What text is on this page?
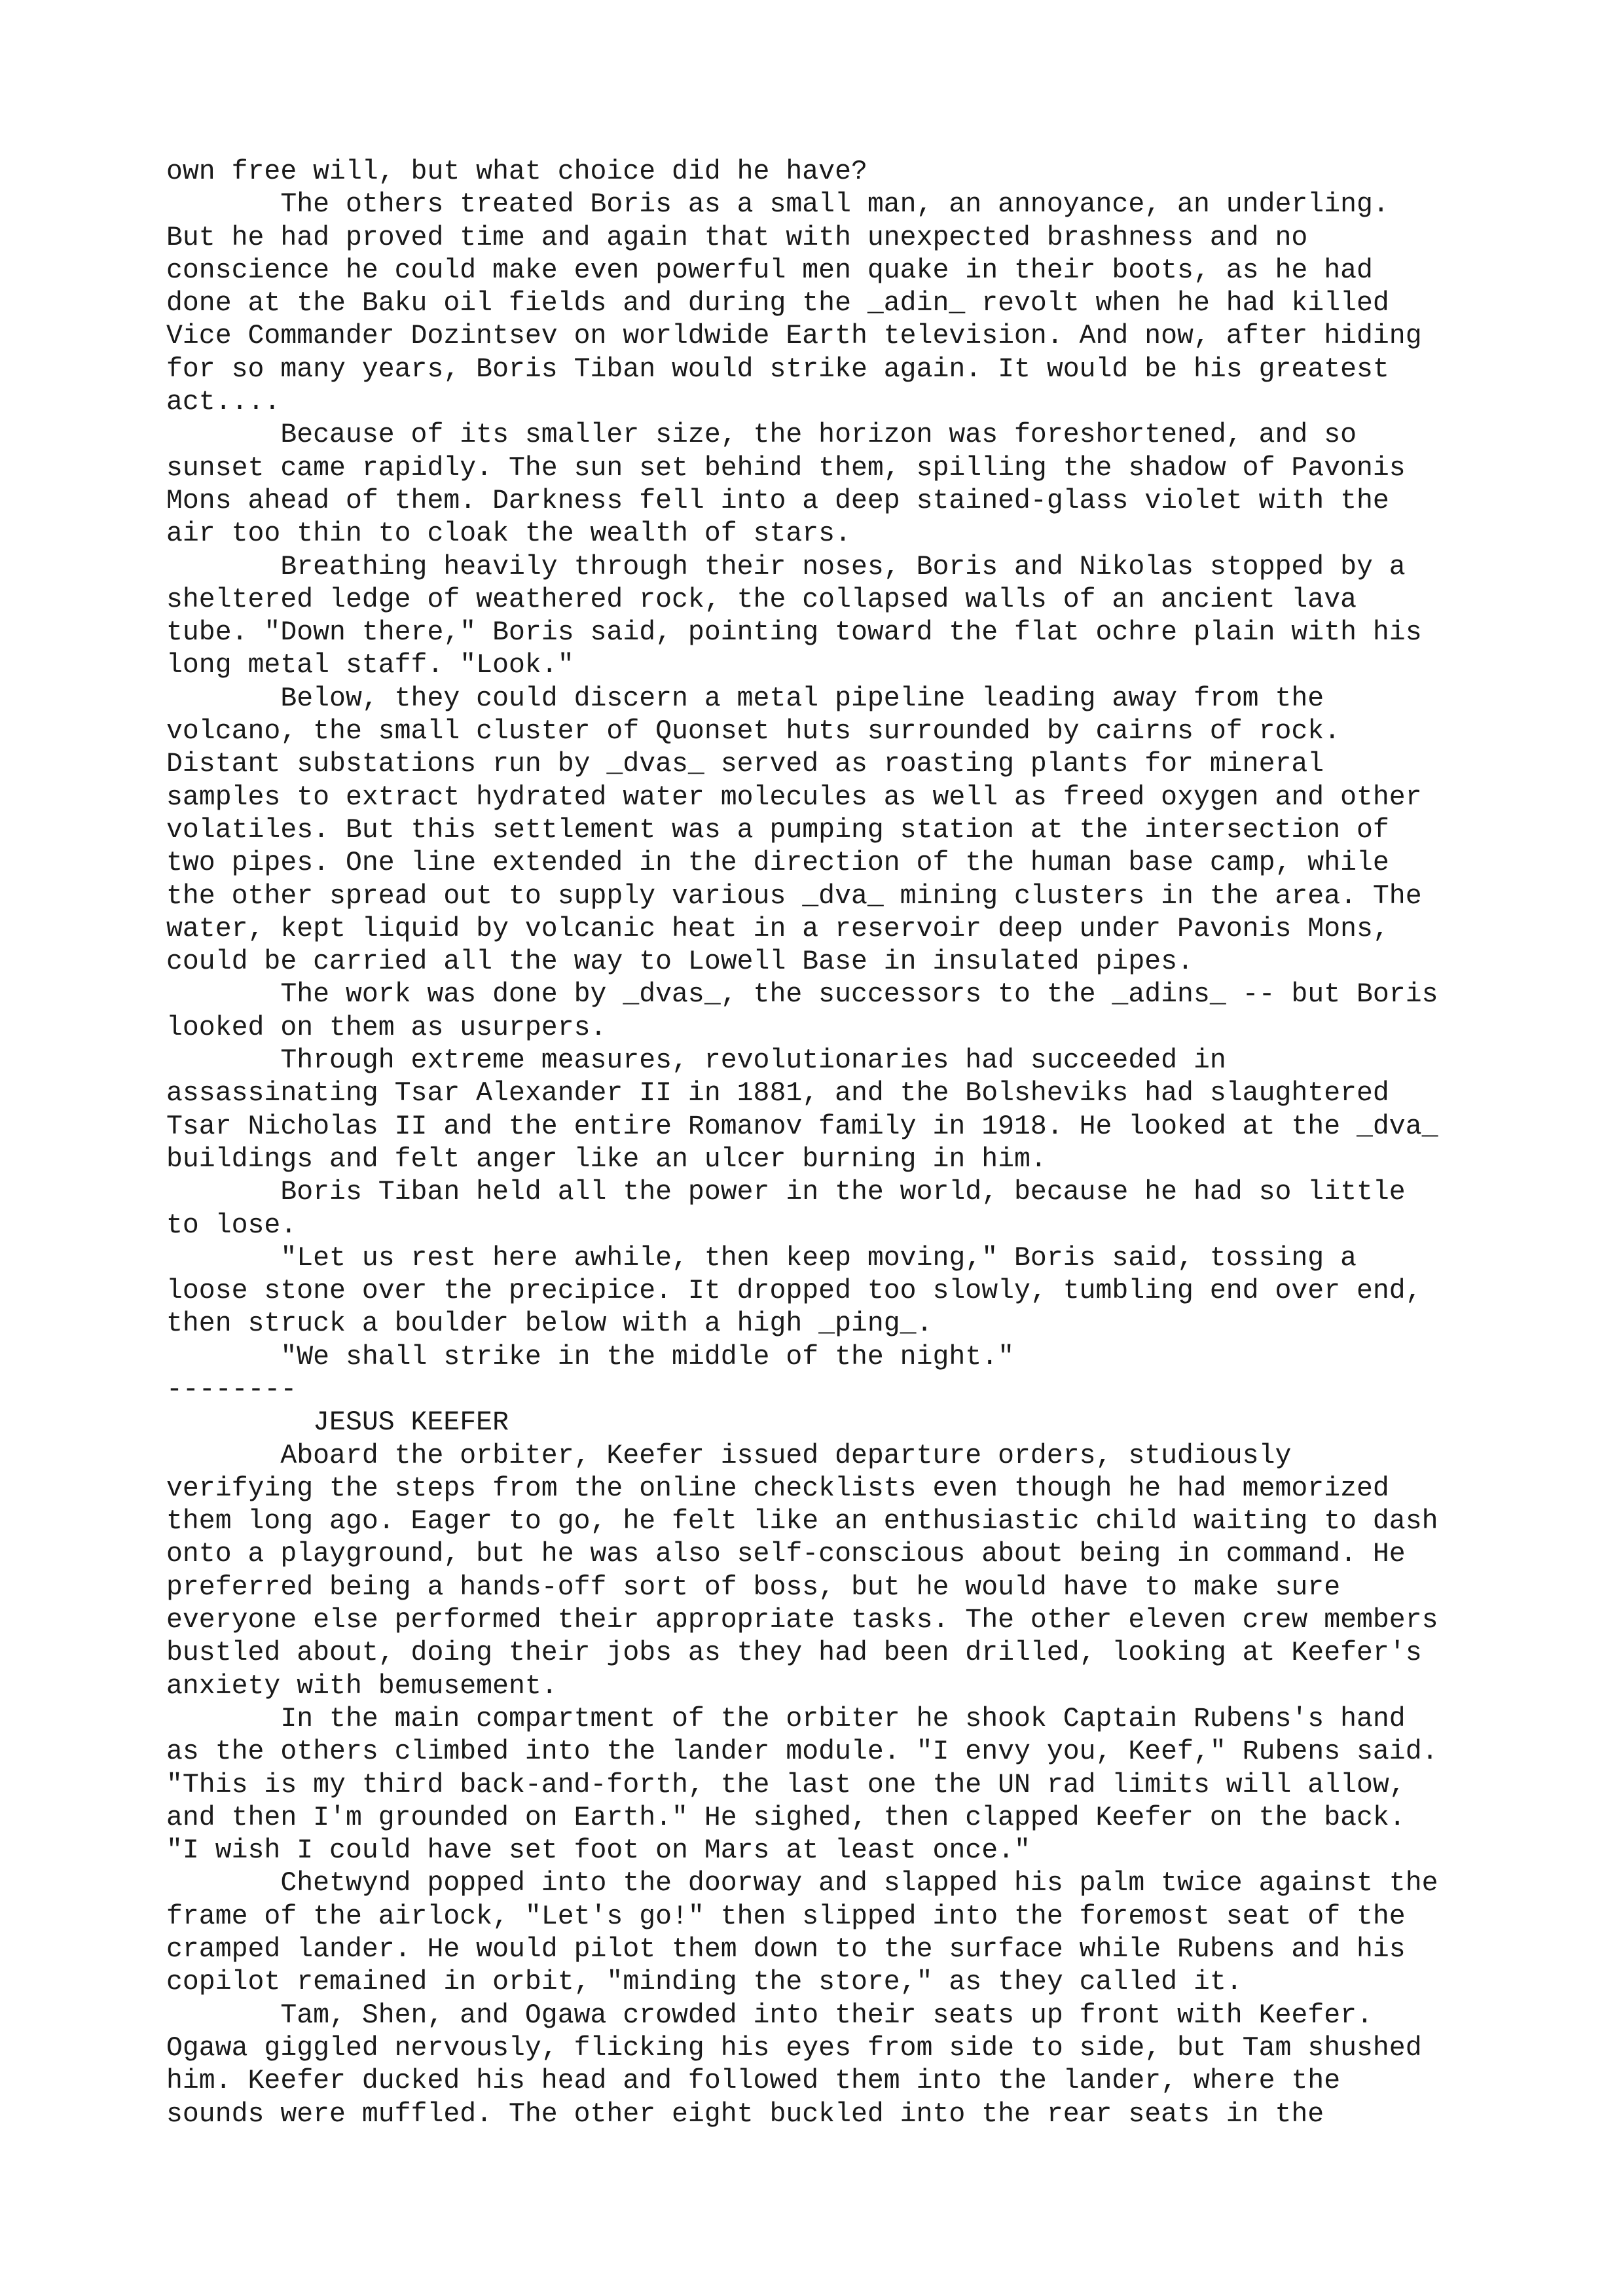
own free will, but what choice did he have?
The others treated Boris as a small man, an annoyance, an underling.
But he had proved time and again that with unexpected brashness and no
conscience he could make even powerful men quake in their boots, as he had
done at the Baku oil fields and during the _adin_ revolt when he had killed
Vice Commander Dozintsev on worldwide Earth television. And now, after hiding
for so many years, Boris Tiban would strike again. It would be his greatest
act....
Because of its smaller size, the horizon was foreshortened, and so
sunset came rapidly. The sun set behind them, spilling the shadow of Pavonis
Mons ahead of them. Darkness fell into a deep stained-glass violet with the
air too thin to cloak the wealth of stars.
Breathing heavily through their noses, Boris and Nikolas stopped by a
sheltered ledge of weathered rock, the collapsed walls of an ancient lava
tube. "Down there," Boris said, pointing toward the flat ochre plain with his
long metal staff. "Look."
Below, they could discern a metal pipeline leading away from the
volcano, the small cluster of Quonset huts surrounded by cairns of rock.
Distant substations run by _dvas_ served as roasting plants for mineral
samples to extract hydrated water molecules as well as freed oxygen and other
volatiles. But this settlement was a pumping station at the intersection of
two pipes. One line extended in the direction of the human base camp, while
the other spread out to supply various _dva_ mining clusters in the area. The
water, kept liquid by volcanic heat in a reservoir deep under Pavonis Mons,
could be carried all the way to Lowell Base in insulated pipes.
The work was done by _dvas_, the successors to the _adins_ -- but Boris
looked on them as usurpers.
Through extreme measures, revolutionaries had succeeded in
assassinating Tsar Alexander II in 1881, and the Bolsheviks had slaughtered
Tsar Nicholas II and the entire Romanov family in 1918. He looked at the _dva_
buildings and felt anger like an ulcer burning in him.
Boris Tiban held all the power in the world, because he had so little
to lose.
"Let us rest here awhile, then keep moving," Boris said, tossing a
loose stone over the precipice. It dropped too slowly, tumbling end over end,
then struck a boulder below with a high _ping_.
"We shall strike in the middle of the night."
--------
JESUS KEEFER
Aboard the orbiter, Keefer issued departure orders, studiously
verifying the steps from the online checklists even though he had memorized
them long ago. Eager to go, he felt like an enthusiastic child waiting to dash
onto a playground, but he was also self-conscious about being in command. He
preferred being a hands-off sort of boss, but he would have to make sure
everyone else performed their appropriate tasks. The other eleven crew members
bustled about, doing their jobs as they had been drilled, looking at Keefer's
anxiety with bemusement.
In the main compartment of the orbiter he shook Captain Rubens's hand
as the others climbed into the lander module. "I envy you, Keef," Rubens said.
"This is my third back-and-forth, the last one the UN rad limits will allow,
and then I'm grounded on Earth." He sighed, then clapped Keefer on the back.
"I wish I could have set foot on Mars at least once."
Chetwynd popped into the doorway and slapped his palm twice against the
frame of the airlock, "Let's go!" then slipped into the foremost seat of the
cramped lander. He would pilot them down to the surface while Rubens and his
copilot remained in orbit, "minding the store," as they called it.
Tam, Shen, and Ogawa crowded into their seats up front with Keefer.
Ogawa giggled nervously, flicking his eyes from side to side, but Tam shushed
him. Keefer ducked his head and followed them into the lander, where the
sounds were muffled. The other eight buckled into the rear seats in the
